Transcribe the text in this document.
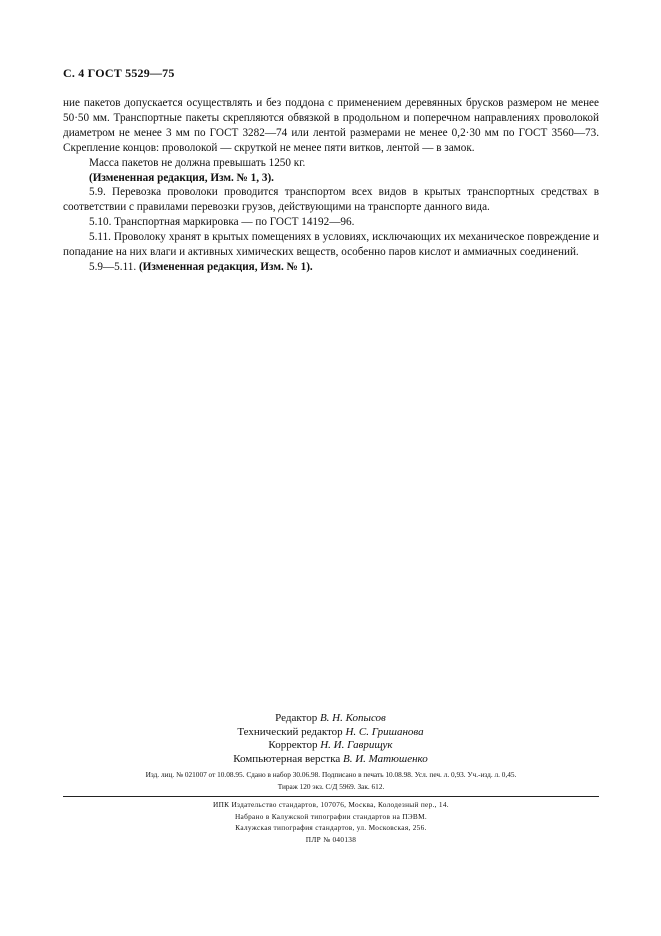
С. 4 ГОСТ 5529—75

ние пакетов допускается осуществлять и без поддона с применением деревянных брусков размером не менее 50·50 мм. Транспортные пакеты скрепляются обвязкой в продольном и поперечном направлениях проволокой диаметром не менее 3 мм по ГОСТ 3282—74 или лентой размерами не менее 0,2·30 мм по ГОСТ 3560—73. Скрепление концов: проволокой — скруткой не менее пяти витков, лентой — в замок.

Масса пакетов не должна превышать 1250 кг.

(Измененная редакция, Изм. № 1, 3).

5.9. Перевозка проволоки проводится транспортом всех видов в крытых транспортных средствах в соответствии с правилами перевозки грузов, действующими на транспорте данного вида.

5.10. Транспортная маркировка — по ГОСТ 14192—96.

5.11. Проволоку хранят в крытых помещениях в условиях, исключающих их механическое повреждение и попадание на них влаги и активных химических веществ, особенно паров кислот и аммиачных соединений.

5.9—5.11. (Измененная редакция, Изм. № 1).

Редактор В. Н. Копысов
Технический редактор Н. С. Гришанова
Корректор Н. И. Гаврищук
Компьютерная верстка В. И. Матюшенко
Изд. лиц. № 021007 от 10.08.95. Сдано в набор 30.06.98. Подписано в печать 10.08.98. Усл. печ. л. 0,93. Уч.-изд. л. 0,45.
Тираж 120 экз. С/Д 5969. Зак. 612.
ИПК Издательство стандартов, 107076, Москва, Колодезный пер., 14.
Набрано в Калужской типографии стандартов на ПЭВМ.
Калужская типография стандартов, ул. Московская, 256.
ПЛР № 040138
